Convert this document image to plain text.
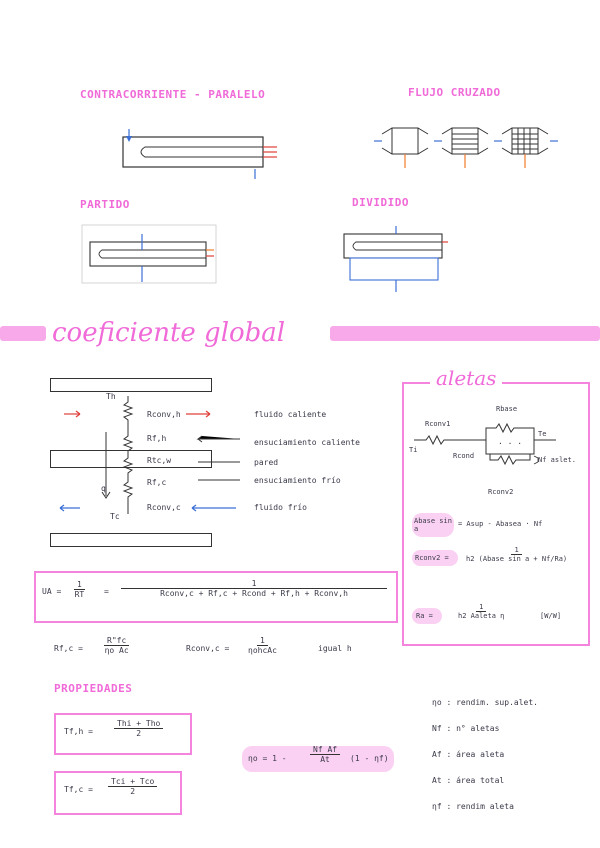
CONTRACORRIENTE - PARALELO	FLUJO CRUZADO
PARTIDO	DIVIDIDO
coeficiente global
Th
Tc
q
Rconv,h
Rf,h
Rtc,w
Rf,c
Rconv,c
fluido caliente
ensuciamiento caliente
pared
ensuciamiento frío
fluido frío
aletas
. . .
Rconv1
Rbase
Ti
Te
Rcond	Nf aslet.
Rconv2
Abase sin a
= Asup - Abasea · Nf
Rconv2 = $\frac{1}{\text{h2 (Abase sin a + Nf/Ra)}}$
Ra =	$\frac{1}{\text{h2 Aaleta η}}$	[W/W]
UA = $\frac{1}{RT} = \frac{1}{\text{Rconv,c + Rf,c + Rcond + Rf,h + Rconv,h}}$
Rf,c =	$\frac{R"fc}{\text{ηo Ac}}$	Rconv,c = $\frac{1}{\text{ηohcAc}}$	igual h
PROPIEDADES
Tf,h =	$\frac{\text{Thi + Tho}}{2}$
$Tf,c = \frac{\text{Tci + Tco}}{2}$
ηo = 1 -	$\frac{\text{Nf Af}}{At} (1 - \eta f)$
ηo : rendim. sup.alet.
Nf : n° aletas
Af : área aleta
At : área total
ηf : rendim aleta
